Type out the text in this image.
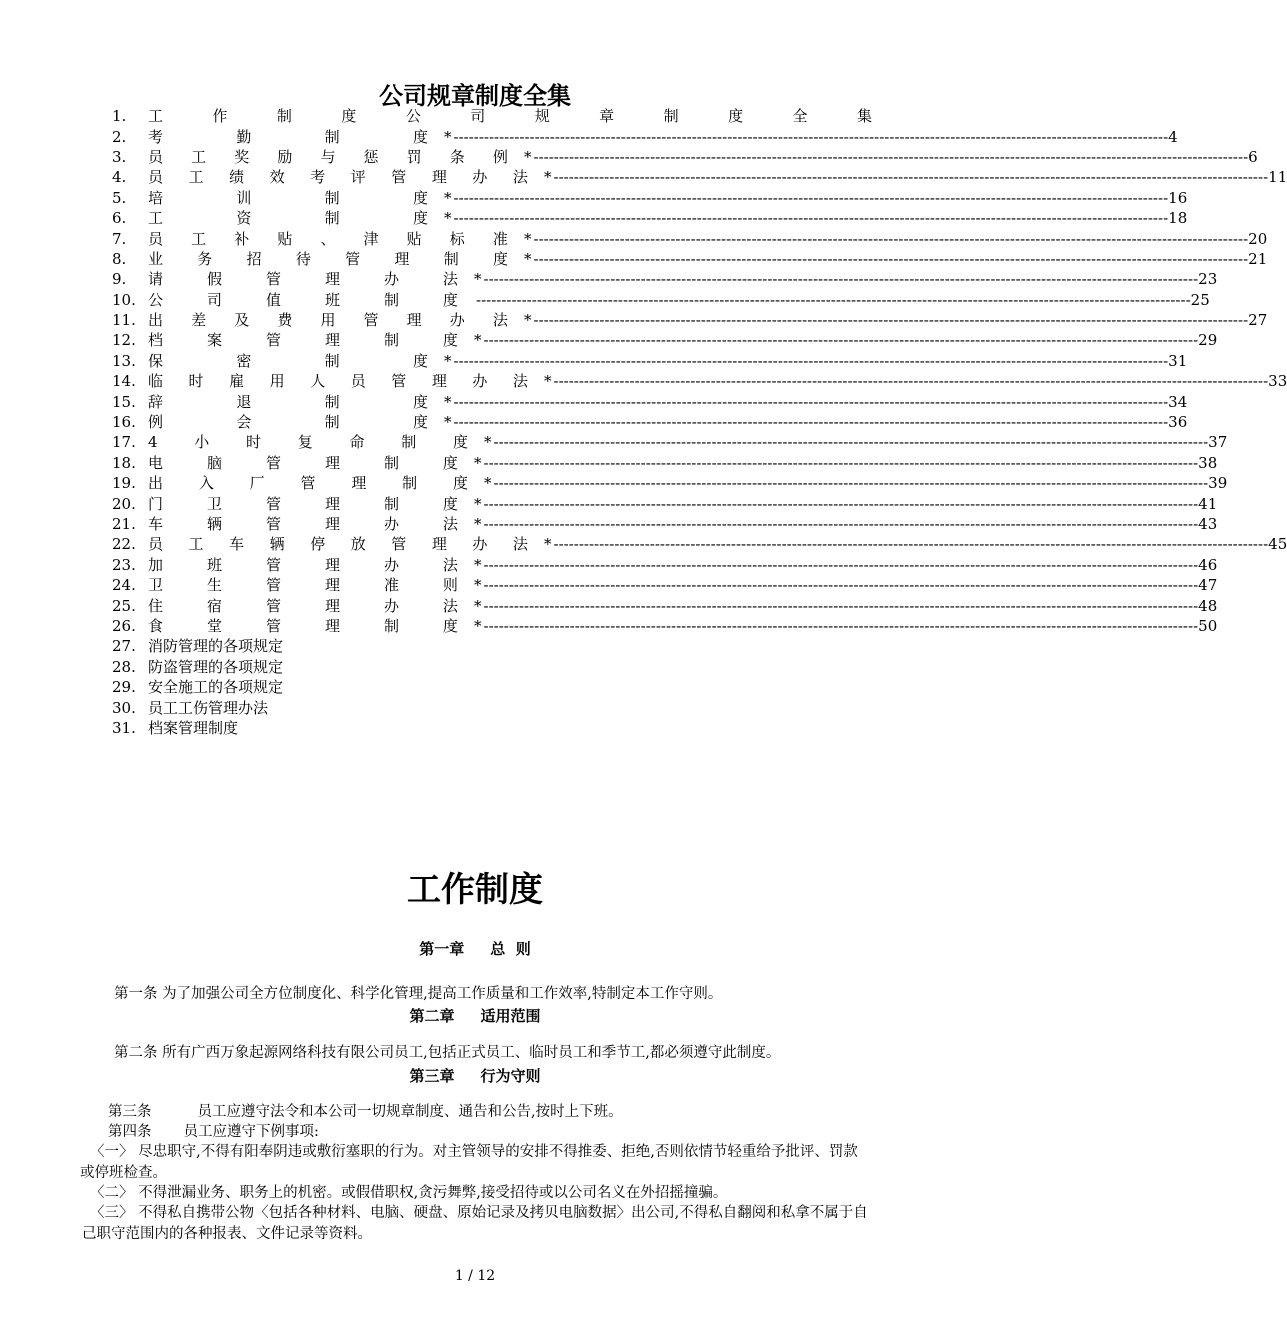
公司规章制度全集
1.	工	作	制	度	公	司	规	章	制	度	全	集
2.	考	勤	制	度 * -------------------------------------------------------------------------------------------------------------------------------------------- -4
3.	员 工 奖 励 与 惩 罚 条 例 * -------------------------------------------------------------------------------------------------------------------------------------------- -6
4.	员 工 绩 效 考 评 管 理 办 法 * -------------------------------------------------------------------------------------------------------------------------------------------- -11
5.	培	训	制	度 * -------------------------------------------------------------------------------------------------------------------------------------------- -16
6.	工	资	制	度 * -------------------------------------------------------------------------------------------------------------------------------------------- -18
7.	员 工 补 贴 、 津 贴 标 准 * -------------------------------------------------------------------------------------------------------------------------------------------- -20
8.	业 务 招 待 管 理 制 度 * -------------------------------------------------------------------------------------------------------------------------------------------- -21
9.	请	假	管	理	办	法 * -------------------------------------------------------------------------------------------------------------------------------------------- -23
10. 公	司	值	班	制	度 -------------------------------------------------------------------------------------------------------------------------------------------- -25
11. 出 差 及 费 用 管 理 办 法 * -------------------------------------------------------------------------------------------------------------------------------------------- -27
12. 档	案	管	理	制	度 * -------------------------------------------------------------------------------------------------------------------------------------------- -29
13. 保	密	制	度 * -------------------------------------------------------------------------------------------------------------------------------------------- -31
14. 临 时 雇 用 人 员 管 理 办 法 * -------------------------------------------------------------------------------------------------------------------------------------------- -33
15. 辞	退	制	度 * -------------------------------------------------------------------------------------------------------------------------------------------- -34
16. 例	会	制	度 * -------------------------------------------------------------------------------------------------------------------------------------------- -36
17. 4 小 时 复 命 制 度 * -------------------------------------------------------------------------------------------------------------------------------------------- -37
18. 电	脑	管	理	制	度 * -------------------------------------------------------------------------------------------------------------------------------------------- -38
19. 出 入 厂 管 理 制 度 * -------------------------------------------------------------------------------------------------------------------------------------------- -39
20. 门	卫	管	理	制	度 * -------------------------------------------------------------------------------------------------------------------------------------------- -41
21. 车	辆	管	理	办	法 * -------------------------------------------------------------------------------------------------------------------------------------------- -43
22. 员 工 车 辆 停 放 管 理 办 法 * -------------------------------------------------------------------------------------------------------------------------------------------- -45
23. 加	班	管	理	办	法 * -------------------------------------------------------------------------------------------------------------------------------------------- -46
24. 卫	生	管	理	准	则 * -------------------------------------------------------------------------------------------------------------------------------------------- -47
25. 住	宿	管	理	办	法 * -------------------------------------------------------------------------------------------------------------------------------------------- -48
26. 食	堂	管	理	制	度 * -------------------------------------------------------------------------------------------------------------------------------------------- -50
27. 消防管理的各项规定
28. 防盗管理的各项规定
29. 安全施工的各项规定
30. 员工工伤管理办法
31. 档案管理制度
工作制度
第一章 总  则

第一条 为了加强公司全方位制度化、科学化管理,提高工作质量和工作效率,特制定本工作守则。

第二章 适用范围

第二条 所有广西万象起源网络科技有限公司员工,包括正式员工、临时员工和季节工,都必须遵守此制度。

第三章 行为守则

第三条	员工应遵守法令和本公司一切规章制度、通告和公告,按时上下班。

第四条 员工应遵守下例事项:

〈一〉 尽忠职守,不得有阳奉阴违或敷衍塞职的行为。对主管领导的安排不得推委、拒绝,否则依情节轻重给予批评、罚款或停班检查。

〈二〉 不得泄漏业务、职务上的机密。或假借职权,贪污舞弊,接受招待或以公司名义在外招摇撞骗。

〈三〉 不得私自携带公物〈包括各种材料、电脑、硬盘、原始记录及拷贝电脑数据〉出公司,不得私自翻阅和私拿不属于自己职守范围内的各种报表、文件记录等资料。

1 / 12
